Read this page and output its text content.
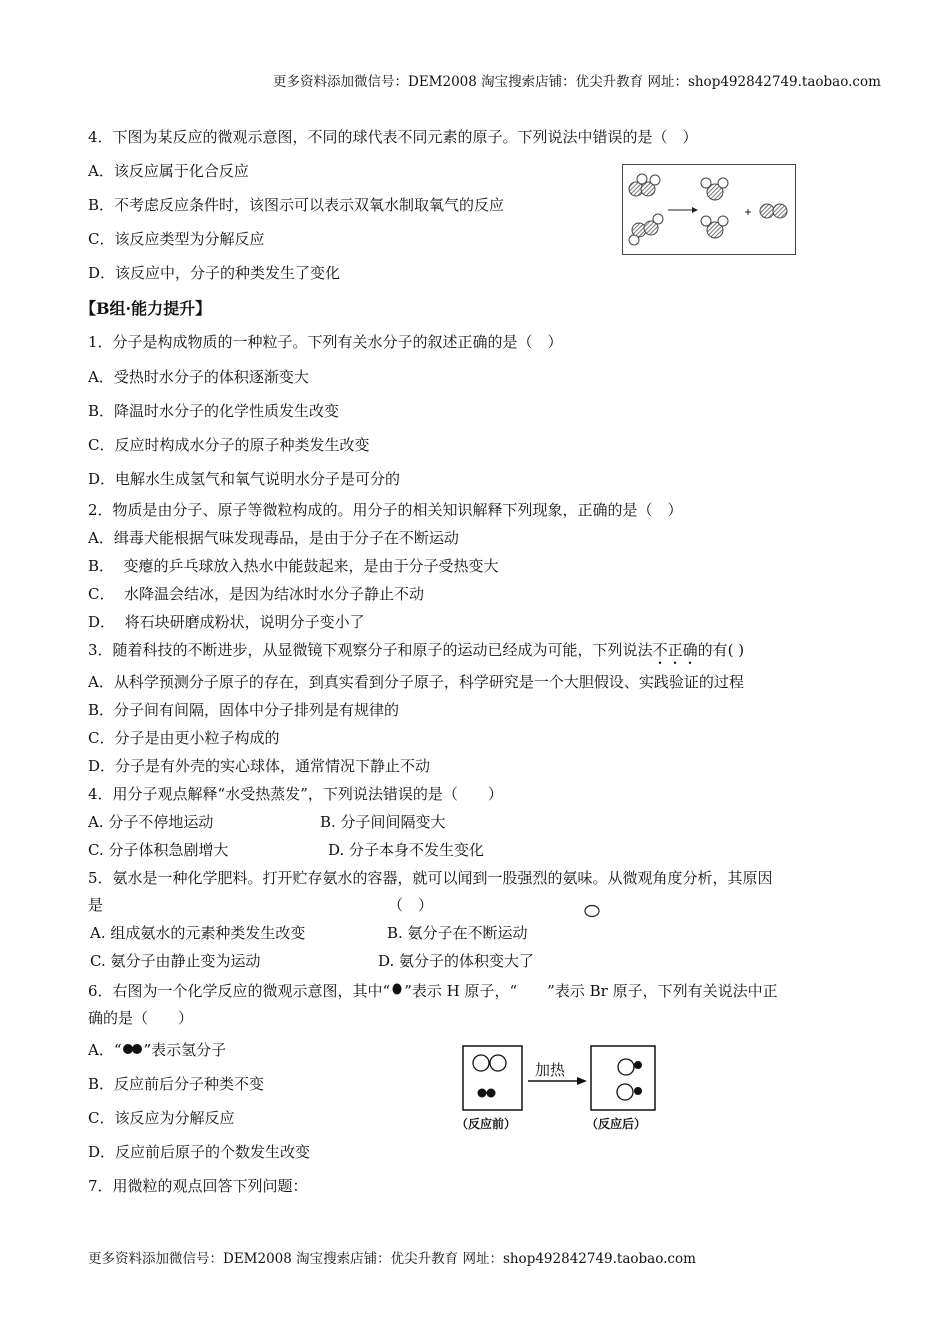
更多资料添加微信号：DEM2008 淘宝搜索店铺：优尖升教育 网址：shop492842749.taobao.com
4．下图为某反应的微观示意图，不同的球代表不同元素的原子。下列说法中错误的是（　）
A．该反应属于化合反应
B．不考虑反应条件时，该图示可以表示双氧水制取氧气的反应
C．该反应类型为分解反应
D．该反应中，分子的种类发生了变化
【B组·能力提升】
1．分子是构成物质的一种粒子。下列有关水分子的叙述正确的是（　）
A．受热时水分子的体积逐渐变大
B．降温时水分子的化学性质发生改变
C．反应时构成水分子的原子种类发生改变
D．电解水生成氢气和氧气说明水分子是可分的
2．物质是由分子、原子等微粒构成的。用分子的相关知识解释下列现象，正确的是（　）
A．缉毒犬能根据气味发现毒品，是由于分子在不断运动
B．  变瘪的乒乓球放入热水中能鼓起来，是由于分子受热变大
C．  水降温会结冰，是因为结冰时水分子静止不动
D．  将石块研磨成粉状，说明分子变小了
3．随着科技的不断进步，从显微镜下观察分子和原子的运动已经成为可能，下列说法不正确的有( )
A．从科学预测分子原子的存在，到真实看到分子原子，科学研究是一个大胆假设、实践验证的过程
B．分子间有间隔，固体中分子排列是有规律的
C．分子是由更小粒子构成的
D．分子是有外壳的实心球体，通常情况下静止不动
4．用分子观点解释“水受热蒸发”，下列说法错误的是（　　）
A. 分子不停地运动	B. 分子间间隔变大
C. 分子体积急剧增大	D. 分子本身不发生变化
5．氨水是一种化学肥料。打开贮存氨水的容器，就可以闻到一股强烈的氨味。从微观角度分析，其原因
是	（　）
A. 组成氨水的元素种类发生改变	B. 氨分子在不断运动
C. 氨分子由静止变为运动	D. 氨分子的体积变大了
6．右图为一个化学反应的微观示意图，其中“ ”表示 H 原子，“　　”表示 Br 原子，下列有关说法中正
确的是（　　）
A．“ ”表示氢分子
B．反应前后分子种类不变
C．该反应为分解反应
D．反应前后原子的个数发生改变
加热
（反应前）	（反应后）
7．用微粒的观点回答下列问题：
更多资料添加微信号：DEM2008 淘宝搜索店铺：优尖升教育 网址：shop492842749.taobao.com
